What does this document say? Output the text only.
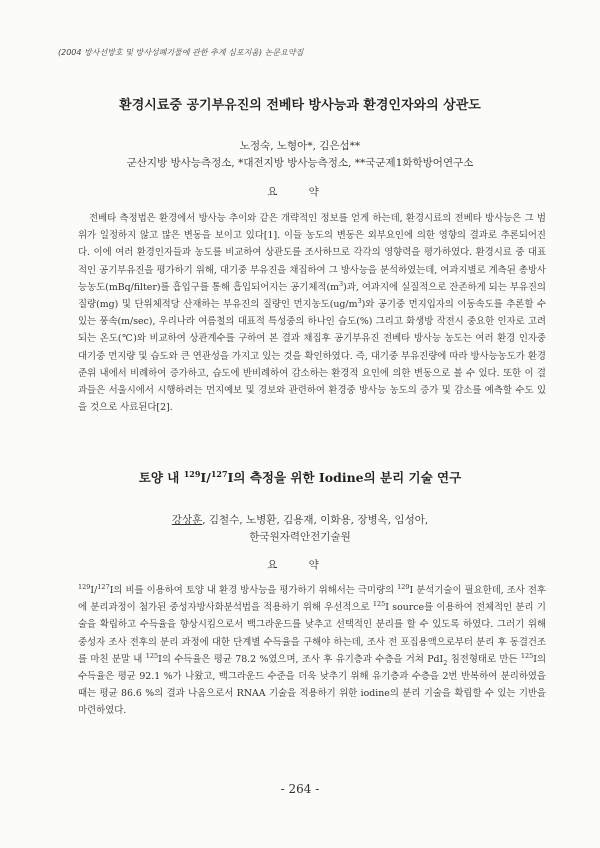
(2004 방사선방호 및 방사성폐기물에 관한 추계 심포지움) 논문요약집
환경시료중 공기부유진의 전베타 방사능과 환경인자와의 상관도
노정숙, 노형아*, 김은섭**
군산지방 방사능측정소, *대전지방 방사능측정소, **국군제1화학방어연구소
요 약

전베타 측정법은 환경에서 방사능 추이와 같은 개략적인 정보를 얻게 하는데, 환경시료의 전베타 방사능은 그 범위가 일정하지 않고 많은 변동을 보이고 있다[1]. 이들 농도의 변동은 외부요인에 의한 영향의 결과로 추론되어진다. 이에 여러 환경인자들과 농도를 비교하여 상관도를 조사하므로 각각의 영향력을 평가하였다. 환경시료 중 대표적인 공기부유진을 평가하기 위해, 대기중 부유진을 채집하여 그 방사능을 분석하였는데, 여과지별로 계측된 총방사능농도(mBq/filter)를 흡입구를 통해 흡입되어지는 공기체적$(m^3)$과, 여과지에 실질적으로 잔존하게 되는 부유진의 질량(mg) 및 단위체적당 산재하는 부유진의 질량인 먼지농도$(ug/m^3)$와 공기중 먼지입자의 이동속도를 추론할 수 있는 풍속(m/sec), 우리나라 여름철의 대표적 특성중의 하나인 습도(%) 그리고 화생방 작전시 중요한 인자로 고려되는 온도(℃)와 비교하여 상관계수를 구하여 본 결과 채집후 공기부유진 전베타 방사능 농도는 여러 환경 인자중 대기중 먼지량 및 습도와 큰 연관성을 가지고 있는 것을 확인하였다. 즉, 대기중 부유진량에 따라 방사능농도가 환경 준위 내에서 비례하여 증가하고, 습도에 반비례하여 감소하는 환경적 요인에 의한 변동으로 볼 수 있다. 또한 이 결과들은 서울시에서 시행하려는 먼지예보 및 경보와 관련하여 환경중 방사능 농도의 증가 및 감소를 예측할 수도 있을 것으로 사료된다[2].

토양 내 $^{129}$I/$^{127}$I의 측정을 위한 Iodine의 분리 기술 연구
강상훈, 김철수, 노병환, 김용재, 이화용, 장병옥, 임성아,
한국원자력안전기술원
요 약

$^{129}$I/$^{127}$I의 비를 이용하여 토양 내 환경 방사능을 평가하기 위해서는 극미량의 $^{129}$I 분석기술이 필요한데, 조사 전후에 분리과정이 첨가된 중성자방사화분석법을 적용하기 위해 우선적으로 $^{125}$I source를 이용하여 전체적인 분리 기술을 확립하고 수득율을 향상시킴으로서 백그라운드를 낮추고 선택적인 분리를 할 수 있도록 하였다. 그러기 위해 중성자 조사 전후의 분리 과정에 대한 단계별 수득율을 구해야 하는데, 조사 전 포집용액으로부터 분리 후 동결건조를 마친 분말 내 $^{125}$I의 수득율은 평균 78.2 %였으며, 조사 후 유기층과 수층을 거쳐 PdI$_2$ 침전형태로 만든 $^{125}$I의 수득율은 평균 92.1 %가 나왔고, 백그라운드 수준을 더욱 낮추기 위해 유기층과 수층을 2번 반복하여 분리하였을 때는 평균 86.6 %의 결과 나옴으로서 RNAA 기술을 적용하기 위한 iodine의 분리 기술을 확립할 수 있는 기반을 마련하였다.

- 264 -
